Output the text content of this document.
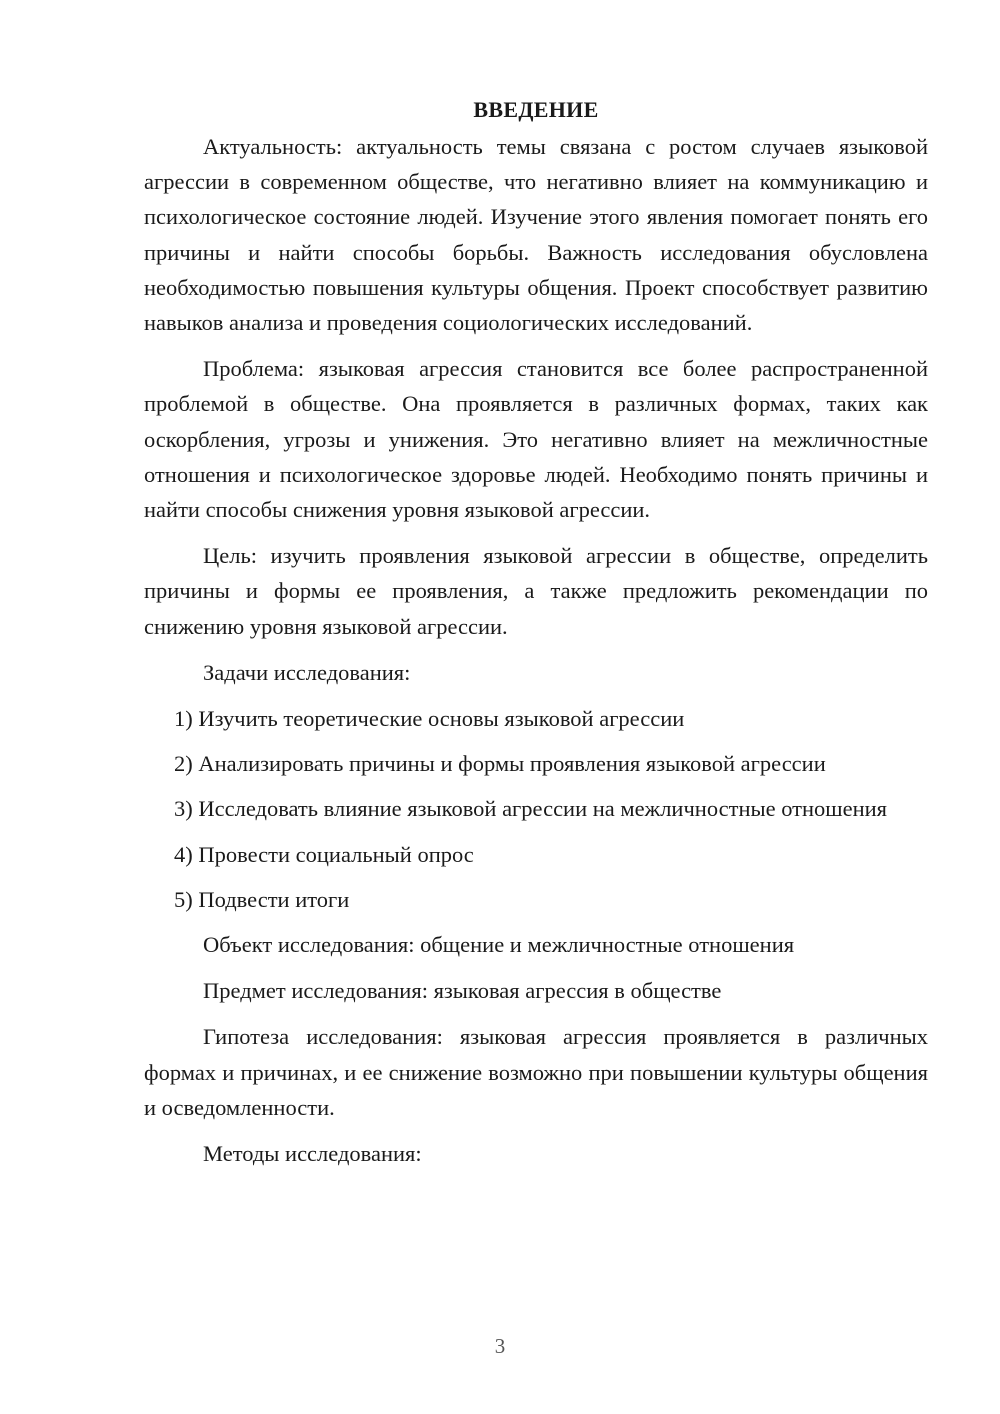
ВВЕДЕНИЕ

Актуальность: актуальность темы связана с ростом случаев языковой агрессии в современном обществе, что негативно влияет на коммуникацию и психологическое состояние людей. Изучение этого явления помогает понять его причины и найти способы борьбы. Важность исследования обусловлена необходимостью повышения культуры общения. Проект способствует развитию навыков анализа и проведения социологических исследований.

Проблема: языковая агрессия становится все более распространенной проблемой в обществе. Она проявляется в различных формах, таких как оскорбления, угрозы и унижения. Это негативно влияет на межличностные отношения и психологическое здоровье людей. Необходимо понять причины и найти способы снижения уровня языковой агрессии.

Цель: изучить проявления языковой агрессии в обществе, определить причины и формы ее проявления, а также предложить рекомендации по снижению уровня языковой агрессии.

Задачи исследования:

1) Изучить теоретические основы языковой агрессии

2) Анализировать причины и формы проявления языковой агрессии

3) Исследовать влияние языковой агрессии на межличностные отношения

4) Провести социальный опрос

5) Подвести итоги

Объект исследования: общение и межличностные отношения

Предмет исследования: языковая агрессия в обществе

Гипотеза исследования: языковая агрессия проявляется в различных формах и причинах, и ее снижение возможно при повышении культуры общения и осведомленности.

Методы исследования:

3
